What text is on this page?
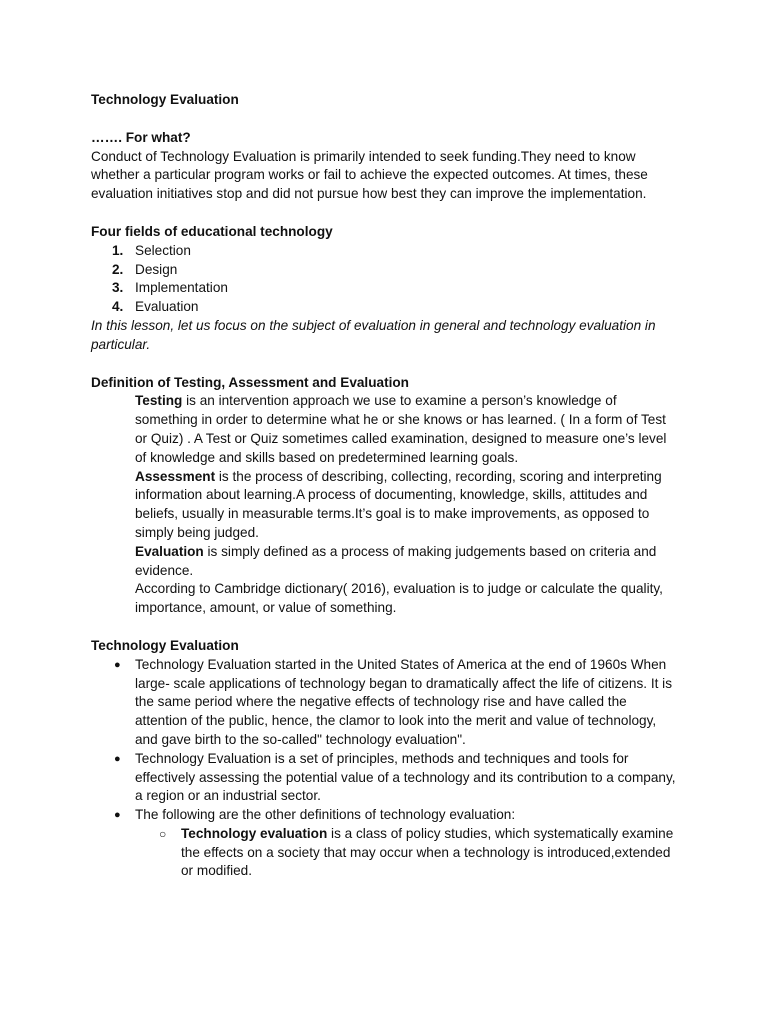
Technology Evaluation

……. For what?

Conduct of Technology Evaluation is primarily intended to seek funding.They need to know whether a particular program works or fail to achieve the expected outcomes. At times, these evaluation initiatives stop and did not pursue how best they can improve the implementation.

Four fields of educational technology

1. Selection
2. Design
3. Implementation
4. Evaluation

In this lesson, let us focus on the subject of evaluation in general and technology evaluation in particular.

Definition of Testing, Assessment and Evaluation

Testing is an intervention approach we use to examine a person’s knowledge of something in order to determine what he or she knows or has learned. ( In a form of Test or Quiz) . A Test or Quiz sometimes called examination, designed to measure one’s level of knowledge and skills based on predetermined learning goals.

Assessment is the process of describing, collecting, recording, scoring and interpreting information about learning.A process of documenting, knowledge, skills, attitudes and beliefs, usually in measurable terms.It’s goal is to make improvements, as opposed to simply being judged.

Evaluation is simply defined as a process of making judgements based on criteria and evidence.

According to Cambridge dictionary( 2016), evaluation is to judge or calculate the quality, importance, amount, or value of something.

Technology Evaluation

● Technology Evaluation started in the United States of America at the end of 1960s When large- scale applications of technology began to dramatically affect the life of citizens. It is the same period where the negative effects of technology rise and have called the attention of the public, hence, the clamor to look into the merit and value of technology, and gave birth to the so-called" technology evaluation".
● Technology Evaluation is a set of principles, methods and techniques and tools for effectively assessing the potential value of a technology and its contribution to a company, a region or an industrial sector.
● The following are the other definitions of technology evaluation:
○ Technology evaluation is a class of policy studies, which systematically examine the effects on a society that may occur when a technology is introduced,extended or modified.
